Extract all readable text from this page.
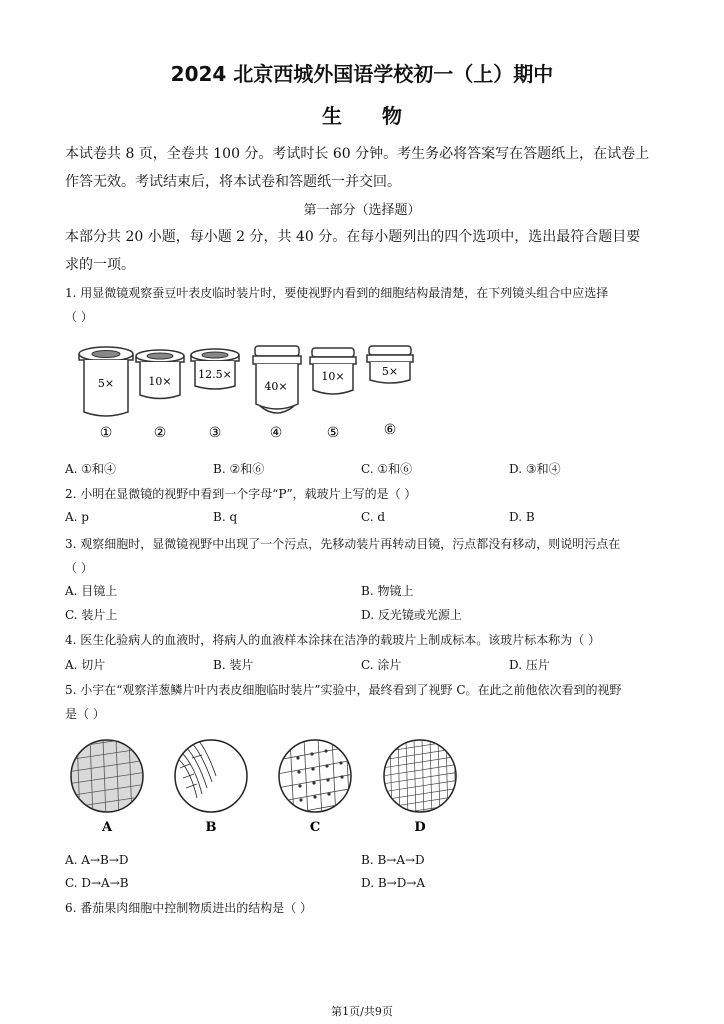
2024 北京西城外国语学校初一（上）期中
生物
本试卷共 8 页，全卷共 100 分。考试时长 60 分钟。考生务必将答案写在答题纸上，在试卷上
作答无效。考试结束后，将本试卷和答题纸一并交回。
第一部分（选择题）
本部分共 20 小题，每小题 2 分，共 40 分。在每小题列出的四个选项中，选出最符合题目要
求的一项。
1. 用显微镜观察蚕豆叶表皮临时装片时，要使视野内看到的细胞结构最清楚，在下列镜头组合中应选择
（ ）
5×
①
10×
②
12.5×
③
40×
④
10×
⑤
5×
⑥
A. ①和④	B. ②和⑥	C. ①和⑥	D. ③和④
2. 小明在显微镜的视野中看到一个字母“P”，载玻片上写的是（ ）
A. p	B. q	C. d	D. B
3. 观察细胞时，显微镜视野中出现了一个污点，先移动装片再转动目镜，污点都没有移动，则说明污点在
（ ）
A. 目镜上	B. 物镜上
C. 装片上	D. 反光镜或光源上
4. 医生化验病人的血液时，将病人的血液样本涂抹在洁净的载玻片上制成标本。该玻片标本称为（ ）
A. 切片	B. 装片	C. 涂片	D. 压片
5. 小宇在“观察洋葱鳞片叶内表皮细胞临时装片”实验中，最终看到了视野 C。在此之前他依次看到的视野
是（ ）
A	B	C	D
A. A→B→D	B. B→A→D
C. D→A→B	D. B→D→A
6. 番茄果肉细胞中控制物质进出的结构是（ ）
第1页/共9页
